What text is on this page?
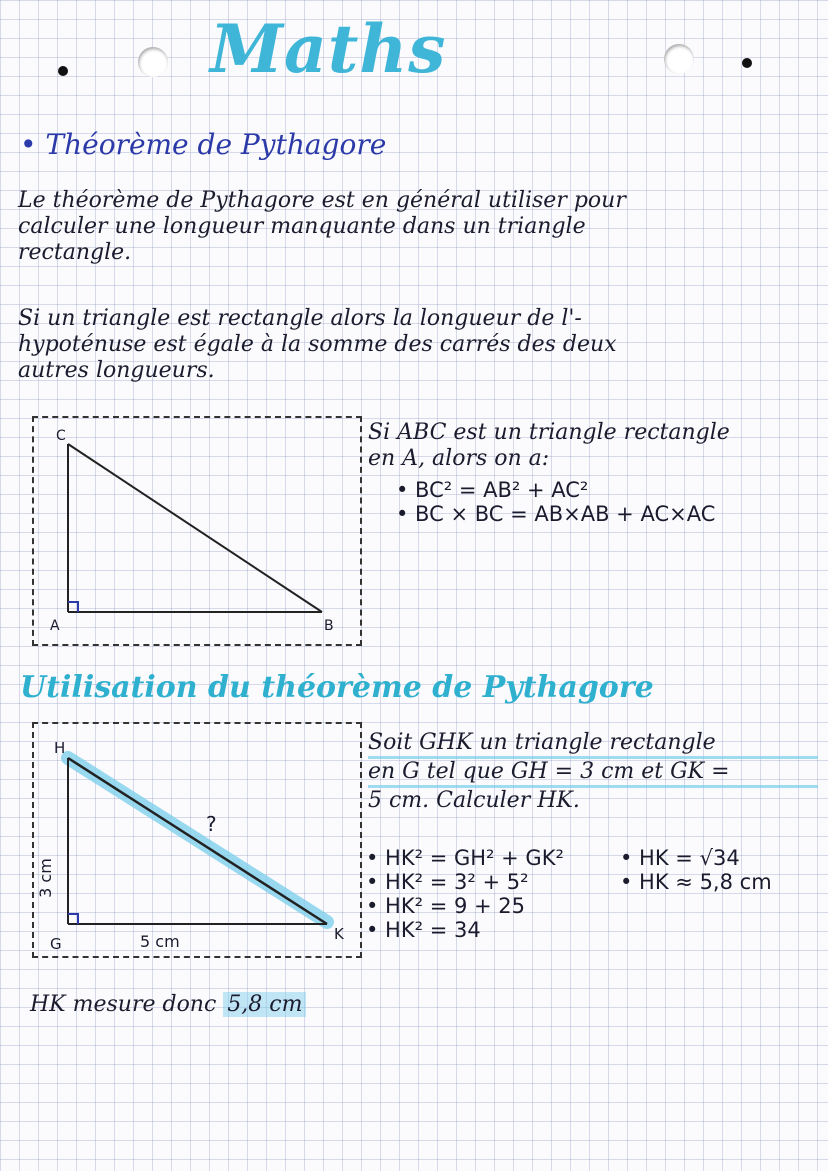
Maths
• Théorème de Pythagore
Le théorème de Pythagore est en général utiliser pour
calculer une longueur manquante dans un triangle
rectangle.
Si un triangle est rectangle alors la longueur de l'-
hypoténuse est égale à la somme des carrés des deux
autres longueurs.
C
A	B
Si ABC est un triangle rectangle
en A, alors on a:
• BC² = AB² + AC²
• BC × BC = AB×AB + AC×AC
Utilisation du théorème de Pythagore
H
G
K
3 cm
5 cm
?
Soit GHK un triangle rectangle
en G tel que GH = 3 cm et GK =
5 cm. Calculer HK.
• HK² = GH² + GK²
• HK² = 3² + 5²
• HK² = 9 + 25
• HK² = 34
• HK = √34
• HK ≈ 5,8 cm
HK mesure donc 5,8 cm
